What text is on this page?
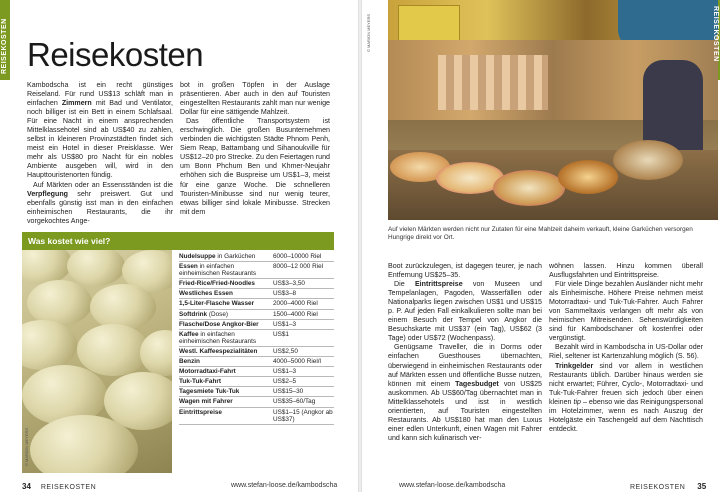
REISEKOSTEN Reisekosten

Kambodscha ist ein recht günstiges Reiseland. Für rund US$13 schläft man in einfachen Zimmern mit Bad und Ventilator, noch billiger ist ein Bett in einem Schlafsaal. Für eine Nacht in einem ansprechenden Mittelklassehotel sind ab US$40 zu zahlen, selbst in kleineren Provinzstädten findet sich meist ein Hotel in dieser Preisklasse. Wer mehr als US$80 pro Nacht für ein nobles Ambiente ausgeben will, wird in den Haupttouristenorten fündig.

Auf Märkten oder an Essensständen ist die Verpflegung sehr preiswert. Gut und ebenfalls günstig isst man in den einfachen einheimischen Restaurants, die ihr vorgekochtes Ange-

bot in großen Töpfen in der Auslage präsentieren. Aber auch in den auf Touristen eingestellten Restaurants zahlt man nur wenige Dollar für eine sättigende Mahlzeit.

Das öffentliche Transportsystem ist erschwinglich. Die großen Busunternehmen verbinden die wichtigsten Städte Phnom Penh, Siem Reap, Battambang und Sihanoukville für US$12–20 pro Strecke. Zu den Feiertagen rund um Bonn Phchum Ben und Khmer-Neujahr erhöhen sich die Buspreise um US$1–3, meist für eine ganze Woche. Die schnelleren Touristen-Minibusse sind nur wenig teurer, etwas billiger sind lokale Minibusse. Strecken mit dem

Was kostet wie viel?
© MARION MEYERS
Nudelsuppe in Garküchen	6000–10000 Riel
Essen in einfachen einheimischen Restaurants	8000–12 000 Riel
Fried-Rice/Fried-Noodles	US$3–3,50
Westliches Essen	US$3–8
1,5-Liter-Flasche Wasser	2000–4000 Riel
Softdrink (Dose)	1500–4000 Riel
Flasche/Dose Angkor-Bier	US$1–3
Kaffee in einfachen einheimischen Restaurants	US$1
Westl. Kaffeespezialitäten	US$2,50
Benzin	4000–5000 Riel/l
Motorradtaxi-Fahrt	US$1–3
Tuk-Tuk-Fahrt	US$2–5
Tagesmiete Tuk-Tuk	US$15–30
Wagen mit Fahrer	US$35–60/Tag
Eintrittspreise	US$1–15 (Angkor ab US$37)
34 REISEKOSTEN	www.stefan-loose.de/kambodscha
© MARION MEYERS
Auf vielen Märkten werden nicht nur Zutaten für eine Mahlzeit daheim verkauft, kleine Garküchen versorgen Hungrige direkt vor Ort.

Boot zurückzulegen, ist dagegen teurer, je nach Entfernung US$25–35.

Die Eintrittspreise von Museen und Tempelanlagen, Pagoden, Wasserfällen oder Nationalparks liegen zwischen US$1 und US$15 p. P. Auf jeden Fall einkalkulieren sollte man bei einem Besuch der Tempel von Angkor die Besuchskarte mit US$37 (ein Tag), US$62 (3 Tage) oder US$72 (Wochenpass).

Genügsame Traveller, die in Dorms oder einfachen Guesthouses übernachten, überwiegend in einheimischen Restaurants oder auf Märkten essen und öffentliche Busse nutzen, können mit einem Tagesbudget von US$25 auskommen. Ab US$60/Tag übernachtet man in Mittelklassehotels und isst in westlich orientierten, auf Touristen eingestellten Restaurants. Ab US$180 hat man den Luxus einer edlen Unterkunft, einen Wagen mit Fahrer und kann sich kulinarisch ver-

wöhnen lassen. Hinzu kommen überall Ausflugsfahrten und Eintrittspreise.

Für viele Dinge bezahlen Ausländer nicht mehr als Einheimische. Höhere Preise nehmen meist Motorradtaxi- und Tuk-Tuk-Fahrer. Auch Fahrer von Sammeltaxis verlangen oft mehr als von heimischen Mitreisenden. Sehenswürdigkeiten sind für Kambodschaner oft kostenfrei oder vergünstigt.

Bezahlt wird in Kambodscha in US-Dollar oder Riel, seltener ist Kartenzahlung möglich (S. 56).

Trinkgelder sind vor allem in westlichen Restaurants üblich. Darüber hinaus werden sie nicht erwartet; Führer, Cyclo-, Motorradtaxi- und Tuk-Tuk-Fahrer freuen sich jedoch über einen kleinen tip – ebenso wie das Reinigungspersonal im Hotelzimmer, wenn es nach Auszug der Hotelgäste ein Taschengeld auf dem Nachttisch entdeckt.

www.stefan-loose.de/kambodscha	REISEKOSTEN 35
REISEKOSTEN
